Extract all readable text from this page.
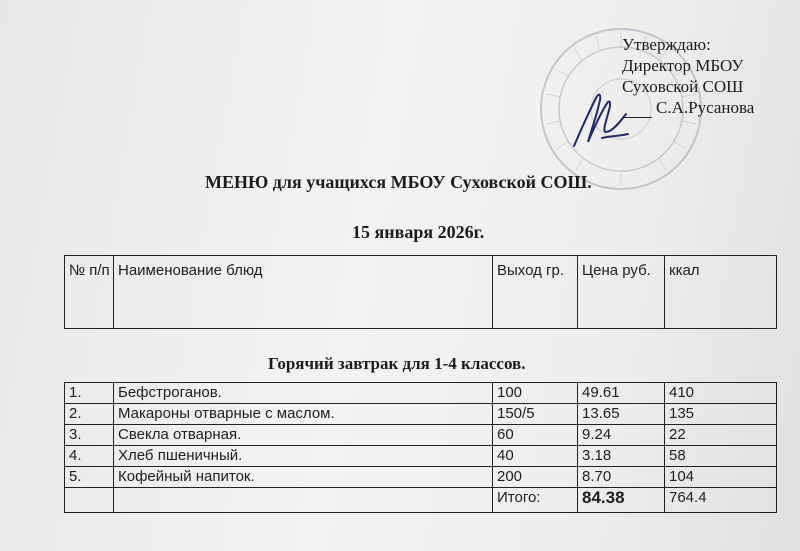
Утверждаю:
Директор МБОУ
Суховской СОШ
С.А.Русанова
МЕНЮ для учащихся МБОУ Суховской СОШ.
15 января 2026г.
№ п/п	Наименование блюд	Выход гр.	Цена руб.	ккал
Горячий завтрак для 1-4 классов.
1.	Бефстроганов.	100	49.61	410
2.	Макароны отварные с маслом.	150/5	13.65	135
3.	Свекла отварная.	60	9.24	22
4.	Хлеб пшеничный.	40	3.18	58
5.	Кофейный напиток.	200	8.70	104
		Итого:	84.38	764.4
